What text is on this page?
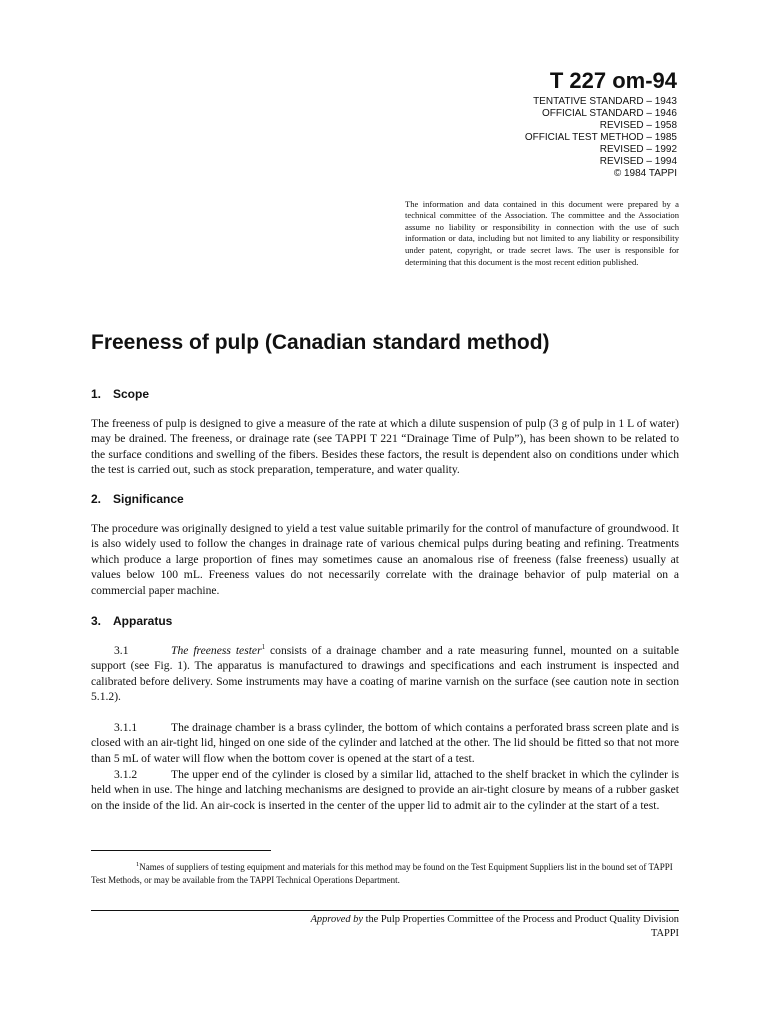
T 227 om-94
TENTATIVE STANDARD – 1943
OFFICIAL STANDARD – 1946
REVISED – 1958
OFFICIAL TEST METHOD – 1985
REVISED – 1992
REVISED – 1994
© 1984 TAPPI

The information and data contained in this document were prepared by a technical committee of the Association. The committee and the Association assume no liability or responsibility in connection with the use of such information or data, including but not limited to any liability or responsibility under patent, copyright, or trade secret laws. The user is responsible for determining that this document is the most recent edition published.

Freeness of pulp (Canadian standard method)
1. Scope

The freeness of pulp is designed to give a measure of the rate at which a dilute suspension of pulp (3 g of pulp in 1 L of water) may be drained. The freeness, or drainage rate (see TAPPI T 221 “Drainage Time of Pulp”), has been shown to be related to the surface conditions and swelling of the fibers. Besides these factors, the result is dependent also on conditions under which the test is carried out, such as stock preparation, temperature, and water quality.

2. Significance

The procedure was originally designed to yield a test value suitable primarily for the control of manufacture of groundwood. It is also widely used to follow the changes in drainage rate of various chemical pulps during beating and refining. Treatments which produce a large proportion of fines may sometimes cause an anomalous rise of freeness (false freeness) usually at values below 100 mL. Freeness values do not necessarily correlate with the drainage behavior of pulp material on a commercial paper machine.

3. Apparatus

3.1	The freeness tester$^1$ consists of a drainage chamber and a rate measuring funnel, mounted on a suitable support (see Fig. 1). The apparatus is manufactured to drawings and specifications and each instrument is inspected and calibrated before delivery. Some instruments may have a coating of marine varnish on the surface (see caution note in section 5.1.2).

3.1.1	The drainage chamber is a brass cylinder, the bottom of which contains a perforated brass screen plate and is closed with an air-tight lid, hinged on one side of the cylinder and latched at the other. The lid should be fitted so that not more than 5 mL of water will flow when the bottom cover is opened at the start of a test.

3.1.2	The upper end of the cylinder is closed by a similar lid, attached to the shelf bracket in which the cylinder is held when in use. The hinge and latching mechanisms are designed to provide an air-tight closure by means of a rubber gasket on the inside of the lid. An air-cock is inserted in the center of the upper lid to admit air to the cylinder at the start of a test.

$^1$Names of suppliers of testing equipment and materials for this method may be found on the Test Equipment Suppliers list in the bound set of TAPPI Test Methods, or may be available from the TAPPI Technical Operations Department.

Approved by the Pulp Properties Committee of the Process and Product Quality Division
TAPPI
